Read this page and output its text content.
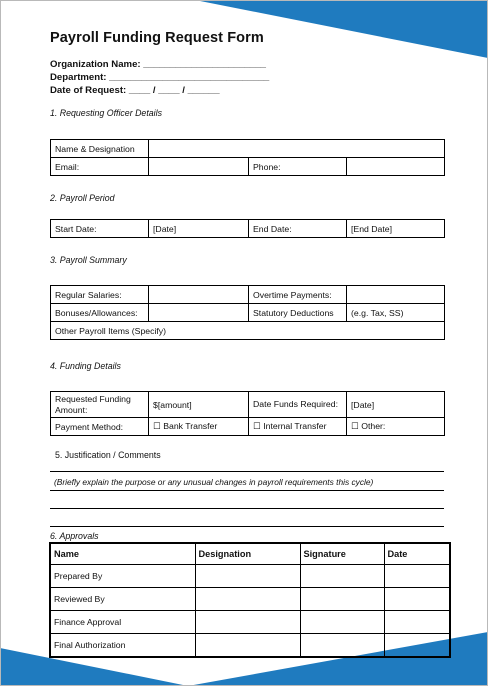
Payroll Funding Request Form
Organization Name: _______________________
Department: ______________________________
Date of Request: ____ / ____ / ______
1. Requesting Officer Details
Name & Designation			
Email:		Phone:	
2. Payroll Period
Start Date:	[Date]	End Date:	[End Date]
3. Payroll Summary
Regular Salaries:		Overtime Payments:	
Bonuses/Allowances:		Statutory Deductions	(e.g. Tax, SS)
Other Payroll Items (Specify)			
4. Funding Details
Requested Funding Amount:	$[amount]	Date Funds Required:	[Date]
Payment Method:	☐ Bank Transfer	☐ Internal Transfer	☐ Other:
5. Justification / Comments
(Briefly explain the purpose or any unusual changes in payroll requirements this cycle)
6. Approvals
Name	Designation	Signature	Date
Prepared By			
Reviewed By			
Finance Approval			
Final Authorization			
